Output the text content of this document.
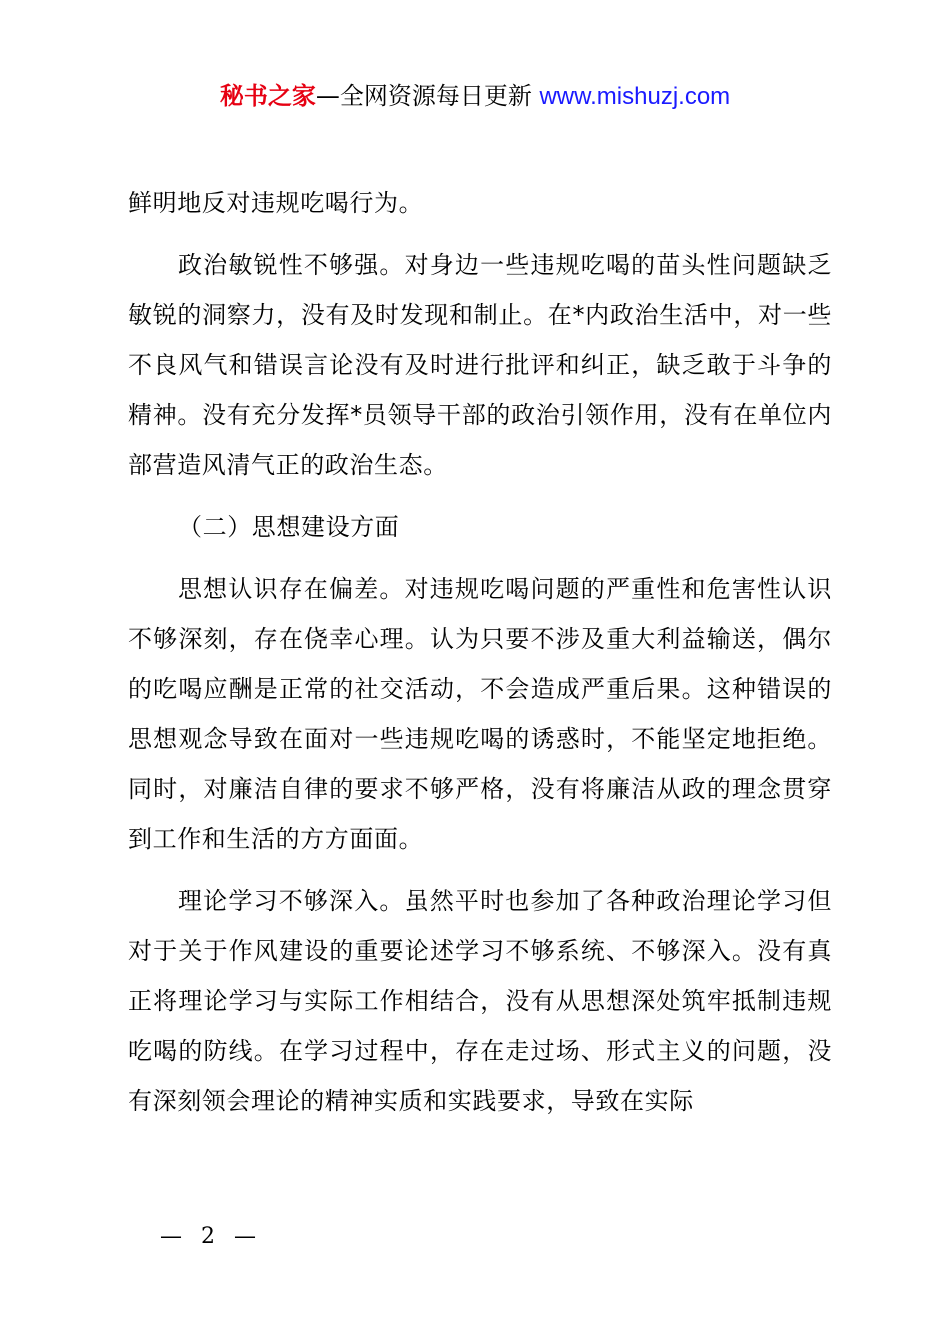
秘书之家—全网资源每日更新 www.mishuzj.com

鲜明地反对违规吃喝行为。

政治敏锐性不够强。对身边一些违规吃喝的苗头性问题缺乏敏锐的洞察力，没有及时发现和制止。在*内政治生活中，对一些不良风气和错误言论没有及时进行批评和纠正，缺乏敢于斗争的精神。没有充分发挥*员领导干部的政治引领作用，没有在单位内部营造风清气正的政治生态。

（二）思想建设方面

思想认识存在偏差。对违规吃喝问题的严重性和危害性认识不够深刻，存在侥幸心理。认为只要不涉及重大利益输送，偶尔的吃喝应酬是正常的社交活动，不会造成严重后果。这种错误的思想观念导致在面对一些违规吃喝的诱惑时，不能坚定地拒绝。同时，对廉洁自律的要求不够严格，没有将廉洁从政的理念贯穿到工作和生活的方方面面。

理论学习不够深入。虽然平时也参加了各种政治理论学习但对于关于作风建设的重要论述学习不够系统、不够深入。没有真正将理论学习与实际工作相结合，没有从思想深处筑牢抵制违规吃喝的防线。在学习过程中，存在走过场、形式主义的问题，没有深刻领会理论的精神实质和实践要求，导致在实际

— 2 —
